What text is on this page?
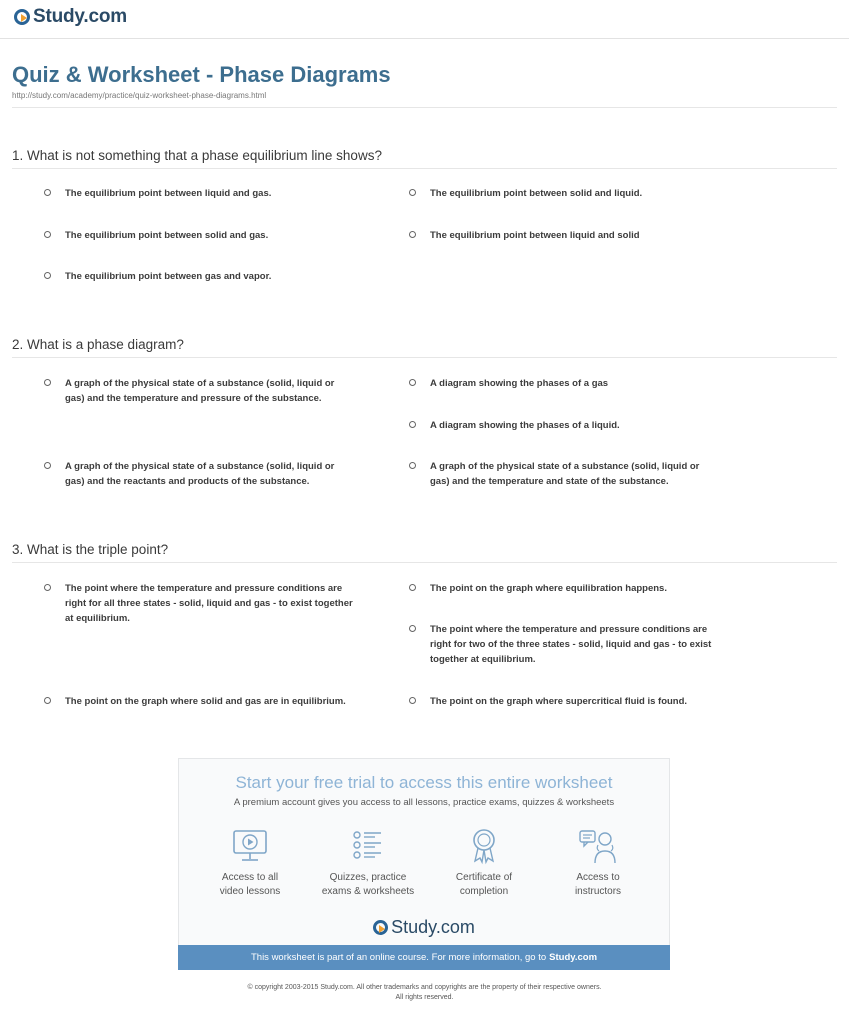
Study.com
Quiz & Worksheet - Phase Diagrams
http://study.com/academy/practice/quiz-worksheet-phase-diagrams.html
1. What is not something that a phase equilibrium line shows?
The equilibrium point between liquid and gas.	The equilibrium point between solid and liquid.
The equilibrium point between solid and gas.	The equilibrium point between liquid and solid
The equilibrium point between gas and vapor.
2. What is a phase diagram?
A graph of the physical state of a substance (solid, liquid or
gas) and the temperature and pressure of the substance.
A diagram showing the phases of a gas
A diagram showing the phases of a liquid.
A graph of the physical state of a substance (solid, liquid or
gas) and the reactants and products of the substance.
A graph of the physical state of a substance (solid, liquid or
gas) and the temperature and state of the substance.
3. What is the triple point?
The point where the temperature and pressure conditions are
right for all three states - solid, liquid and gas - to exist together
at equilibrium.
The point on the graph where equilibration happens.
The point where the temperature and pressure conditions are
right for two of the three states - solid, liquid and gas - to exist
together at equilibrium.
The point on the graph where solid and gas are in equilibrium.	The point on the graph where supercritical fluid is found.
Start your free trial to access this entire worksheet
A premium account gives you access to all lessons, practice exams, quizzes & worksheets
Access to all
video lessons
Quizzes, practice
exams & worksheets
Certificate of
completion
Access to
instructors
Study.com
This worksheet is part of an online course. For more information, go to Study.com
© copyright 2003-2015 Study.com. All other trademarks and copyrights are the property of their respective owners.
All rights reserved.
